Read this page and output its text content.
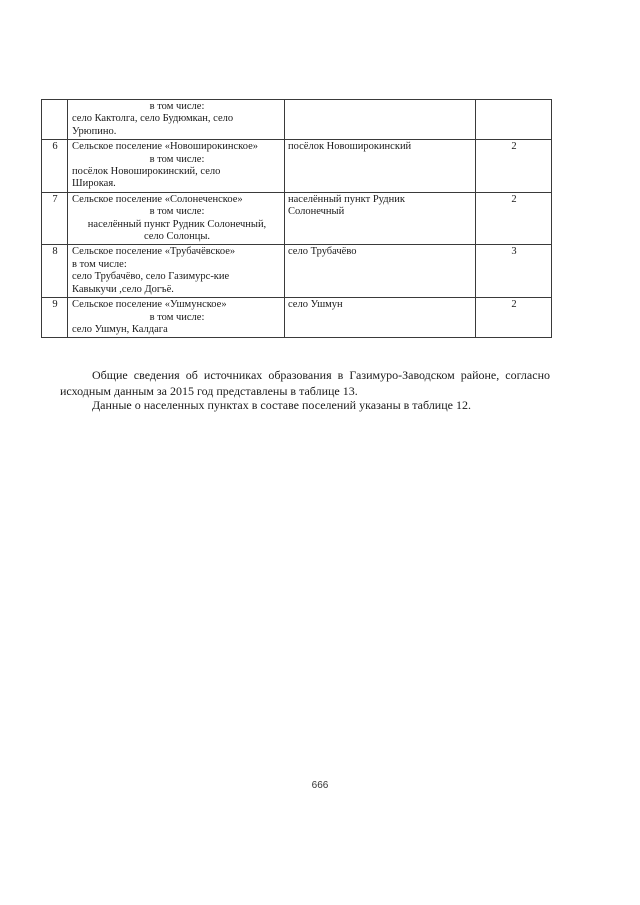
	в том числе:
село Кактолга, село Будюмкан, село
Урюпино.		

6	Сельское поселение «Новоширокинское»
в том числе:
посёлок Новоширокинский, село
Широкая.	посёлок Новоширокинский	2
7	Сельское поселение «Солонеченское»
в том числе:
населённый пункт Рудник Солонечный,
село Солонцы.	населённый пункт Рудник
Солонечный	2
8	Сельское поселение «Трубачёвское»
в том числе:
село Трубачёво, село Газимурс-кие
Кавыкучи ,село Догъё.	село Трубачёво	3
9	Сельское поселение «Ушмунское»
в том числе:
село Ушмун, Калдага	село Ушмун	2

Общие сведения об источниках образования в Газимуро-Заводском районе, согласно исходным данным за 2015 год представлены в таблице 13.

Данные о населенных пунктах в составе поселений указаны в таблице 12.

666
